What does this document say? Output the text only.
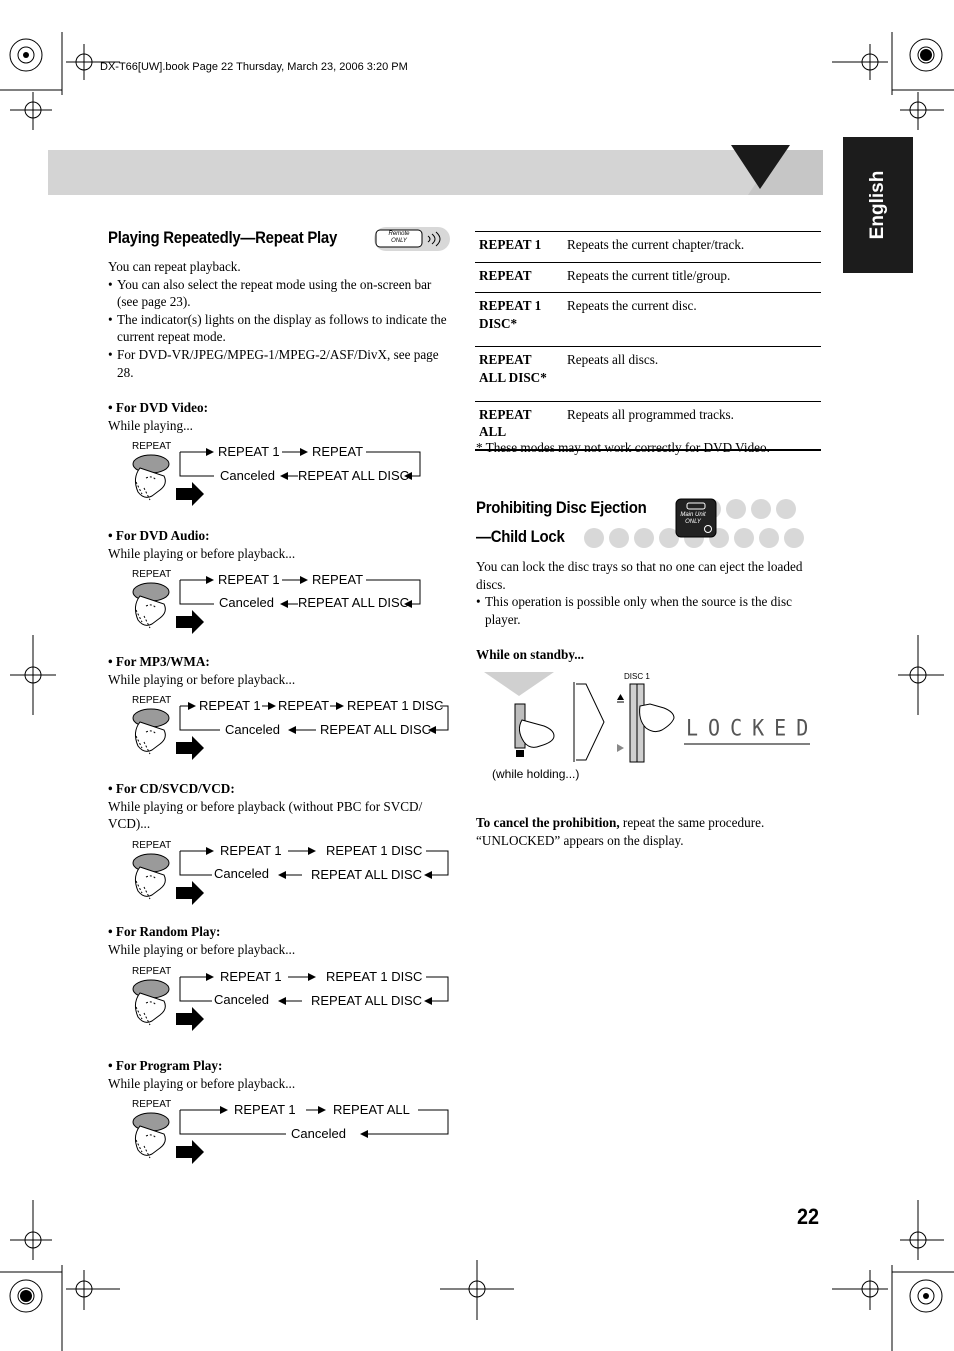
DX-T66[UW].book Page 22 Thursday, March 23, 2006 3:20 PM
English
Playing Repeatedly—Repeat Play	Remote
ONLY
You can repeat playback.
• You can also select the repeat mode using the on-screen bar (see page 23).
• The indicator(s) lights on the display as follows to indicate the current repeat mode.
• For DVD-VR/JPEG/MPEG-1/MPEG-2/ASF/DivX, see page 28.
• For DVD Video:
While playing...
REPEAT	REPEAT 1 REPEAT
Canceled REPEAT ALL DISC
• For DVD Audio:
While playing or before playback...
REPEAT	REPEAT 1 REPEAT
Canceled REPEAT ALL DISC
• For MP3/WMA:
While playing or before playback...
REPEAT REPEAT 1 REPEAT REPEAT 1 DISC
Canceled	REPEAT ALL DISC
• For CD/SVCD/VCD:
While playing or before playback (without PBC for SVCD/ VCD)...
REPEAT	REPEAT 1	REPEAT 1 DISC
Canceled	REPEAT ALL DISC
• For Random Play:
While playing or before playback...
REPEAT	REPEAT 1	REPEAT 1 DISC
Canceled	REPEAT ALL DISC
• For Program Play:
While playing or before playback...
REPEAT	REPEAT 1	REPEAT ALL
Canceled
REPEAT 1	Repeats the current chapter/track.
REPEAT	Repeats the current title/group.
REPEAT 1 DISC*	Repeats the current disc.
REPEAT ALL DISC*	Repeats all discs.
REPEAT ALL	Repeats all programmed tracks.
* These modes may not work correctly for DVD Video.
Prohibiting Disc Ejection
—Child Lock
Main Unit
ONLY
You can lock the disc trays so that no one can eject the loaded discs.
• This operation is possible only when the source is the disc player.
While on standby...
DISC 1
(while holding...)
LOCKED
To cancel the prohibition, repeat the same procedure.
“UNLOCKED” appears on the display.
22
